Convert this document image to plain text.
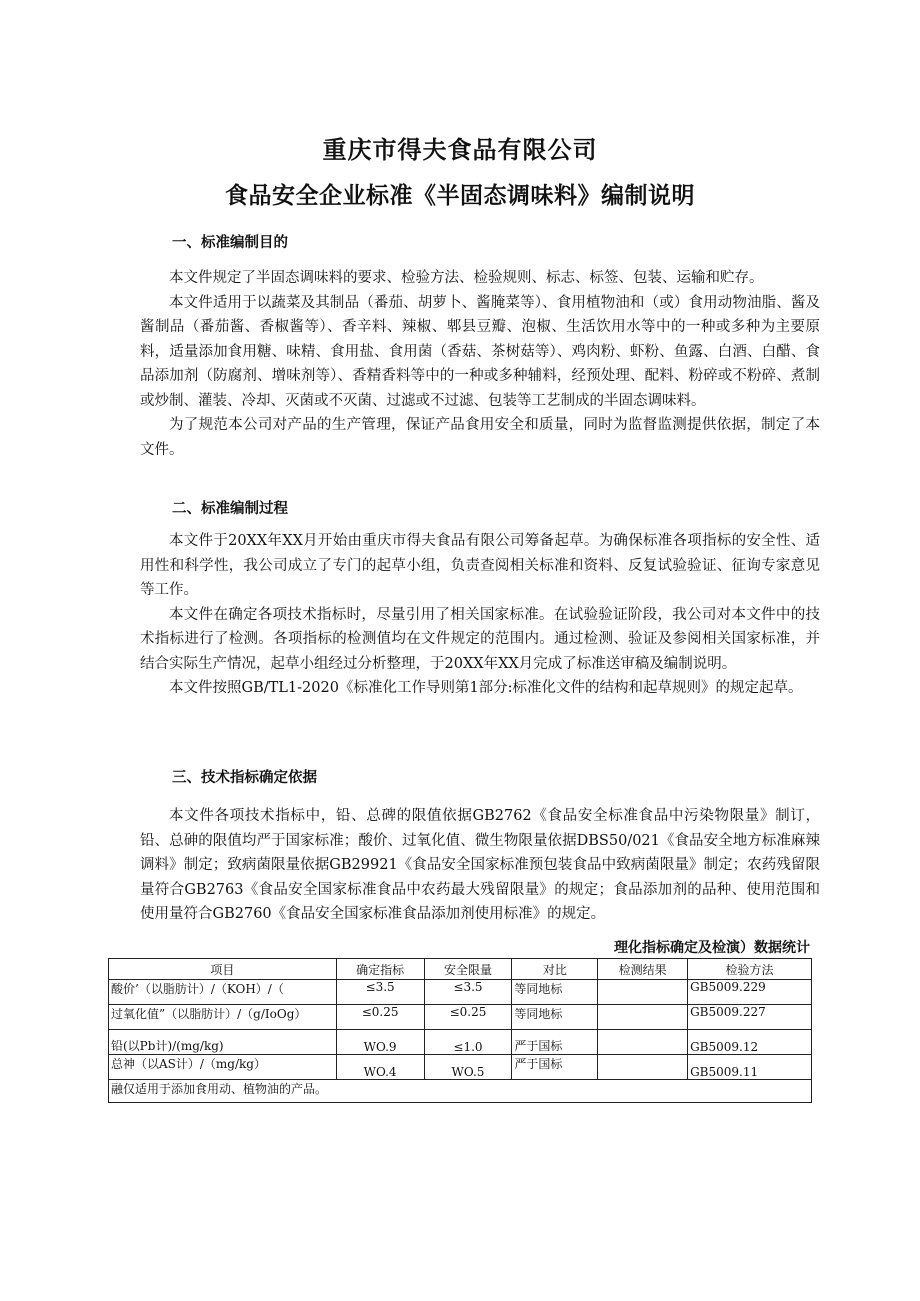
重庆市得夫食品有限公司
食品安全企业标准《半固态调味料》编制说明
一、标准编制目的

本文件规定了半固态调味料的要求、检验方法、检验规则、标志、标签、包装、运输和贮存。

本文件适用于以蔬菜及其制品（番茄、胡萝卜、酱腌菜等）、食用植物油和（或）食用动物油脂、酱及酱制品（番茄酱、香椒酱等）、香辛料、辣椒、郫县豆瓣、泡椒、生活饮用水等中的一种或多种为主要原料，适量添加食用糖、味精、食用盐、食用菌（香菇、茶树菇等）、鸡肉粉、虾粉、鱼露、白酒、白醋、食品添加剂（防腐剂、增味剂等）、香精香料等中的一种或多种辅料，经预处理、配料、粉碎或不粉碎、煮制或炒制、灌装、冷却、灭菌或不灭菌、过滤或不过滤、包装等工艺制成的半固态调味料。

为了规范本公司对产品的生产管理，保证产品食用安全和质量，同时为监督监测提供依据，制定了本文件。

二、标准编制过程

本文件于20XX年XX月开始由重庆市得夫食品有限公司筹备起草。为确保标准各项指标的安全性、适用性和科学性，我公司成立了专门的起草小组，负责查阅相关标准和资料、反复试验验证、征询专家意见等工作。

本文件在确定各项技术指标时，尽量引用了相关国家标准。在试验验证阶段，我公司对本文件中的技术指标进行了检测。各项指标的检测值均在文件规定的范围内。通过检测、验证及参阅相关国家标准，并结合实际生产情况，起草小组经过分析整理，于20XX年XX月完成了标准送审稿及编制说明。

本文件按照GB/TL1-2020《标准化工作导则第1部分:标准化文件的结构和起草规则》的规定起草。

三、技术指标确定依据

本文件各项技术指标中，铅、总碑的限值依据GB2762《食品安全标准食品中污染物限量》制订，铅、总砷的限值均严于国家标准；酸价、过氧化值、微生物限量依据DBS50/021《食品安全地方标准麻辣调料》制定；致病菌限量依据GB29921《食品安全国家标准预包装食品中致病菌限量》制定；农药残留限量符合GB2763《食品安全国家标准食品中农药最大残留限量》的规定；食品添加剂的品种、使用范围和使用量符合GB2760《食品安全国家标准食品添加剂使用标准》的规定。

理化指标确定及检演）数据统计
项目	确定指标	安全限量	对比	检测结果	检验方法
酸价’（以脂肪计）/（KOH）/（	≤3.5	≤3.5	等同地标		GB5009.229
过氧化值”（以脂肪计）/（g/IoOg）	≤0.25	≤0.25	等同地标		GB5009.227
铅(以Pb计)/(mg/kg)	WO.9	≤1.0	严于国标		GB5009.12
总神（以AS计）/（mg/kg）	WO.4	WO.5	严于国标		GB5009.11
融仅适用于添加食用动、植物油的产品。					
